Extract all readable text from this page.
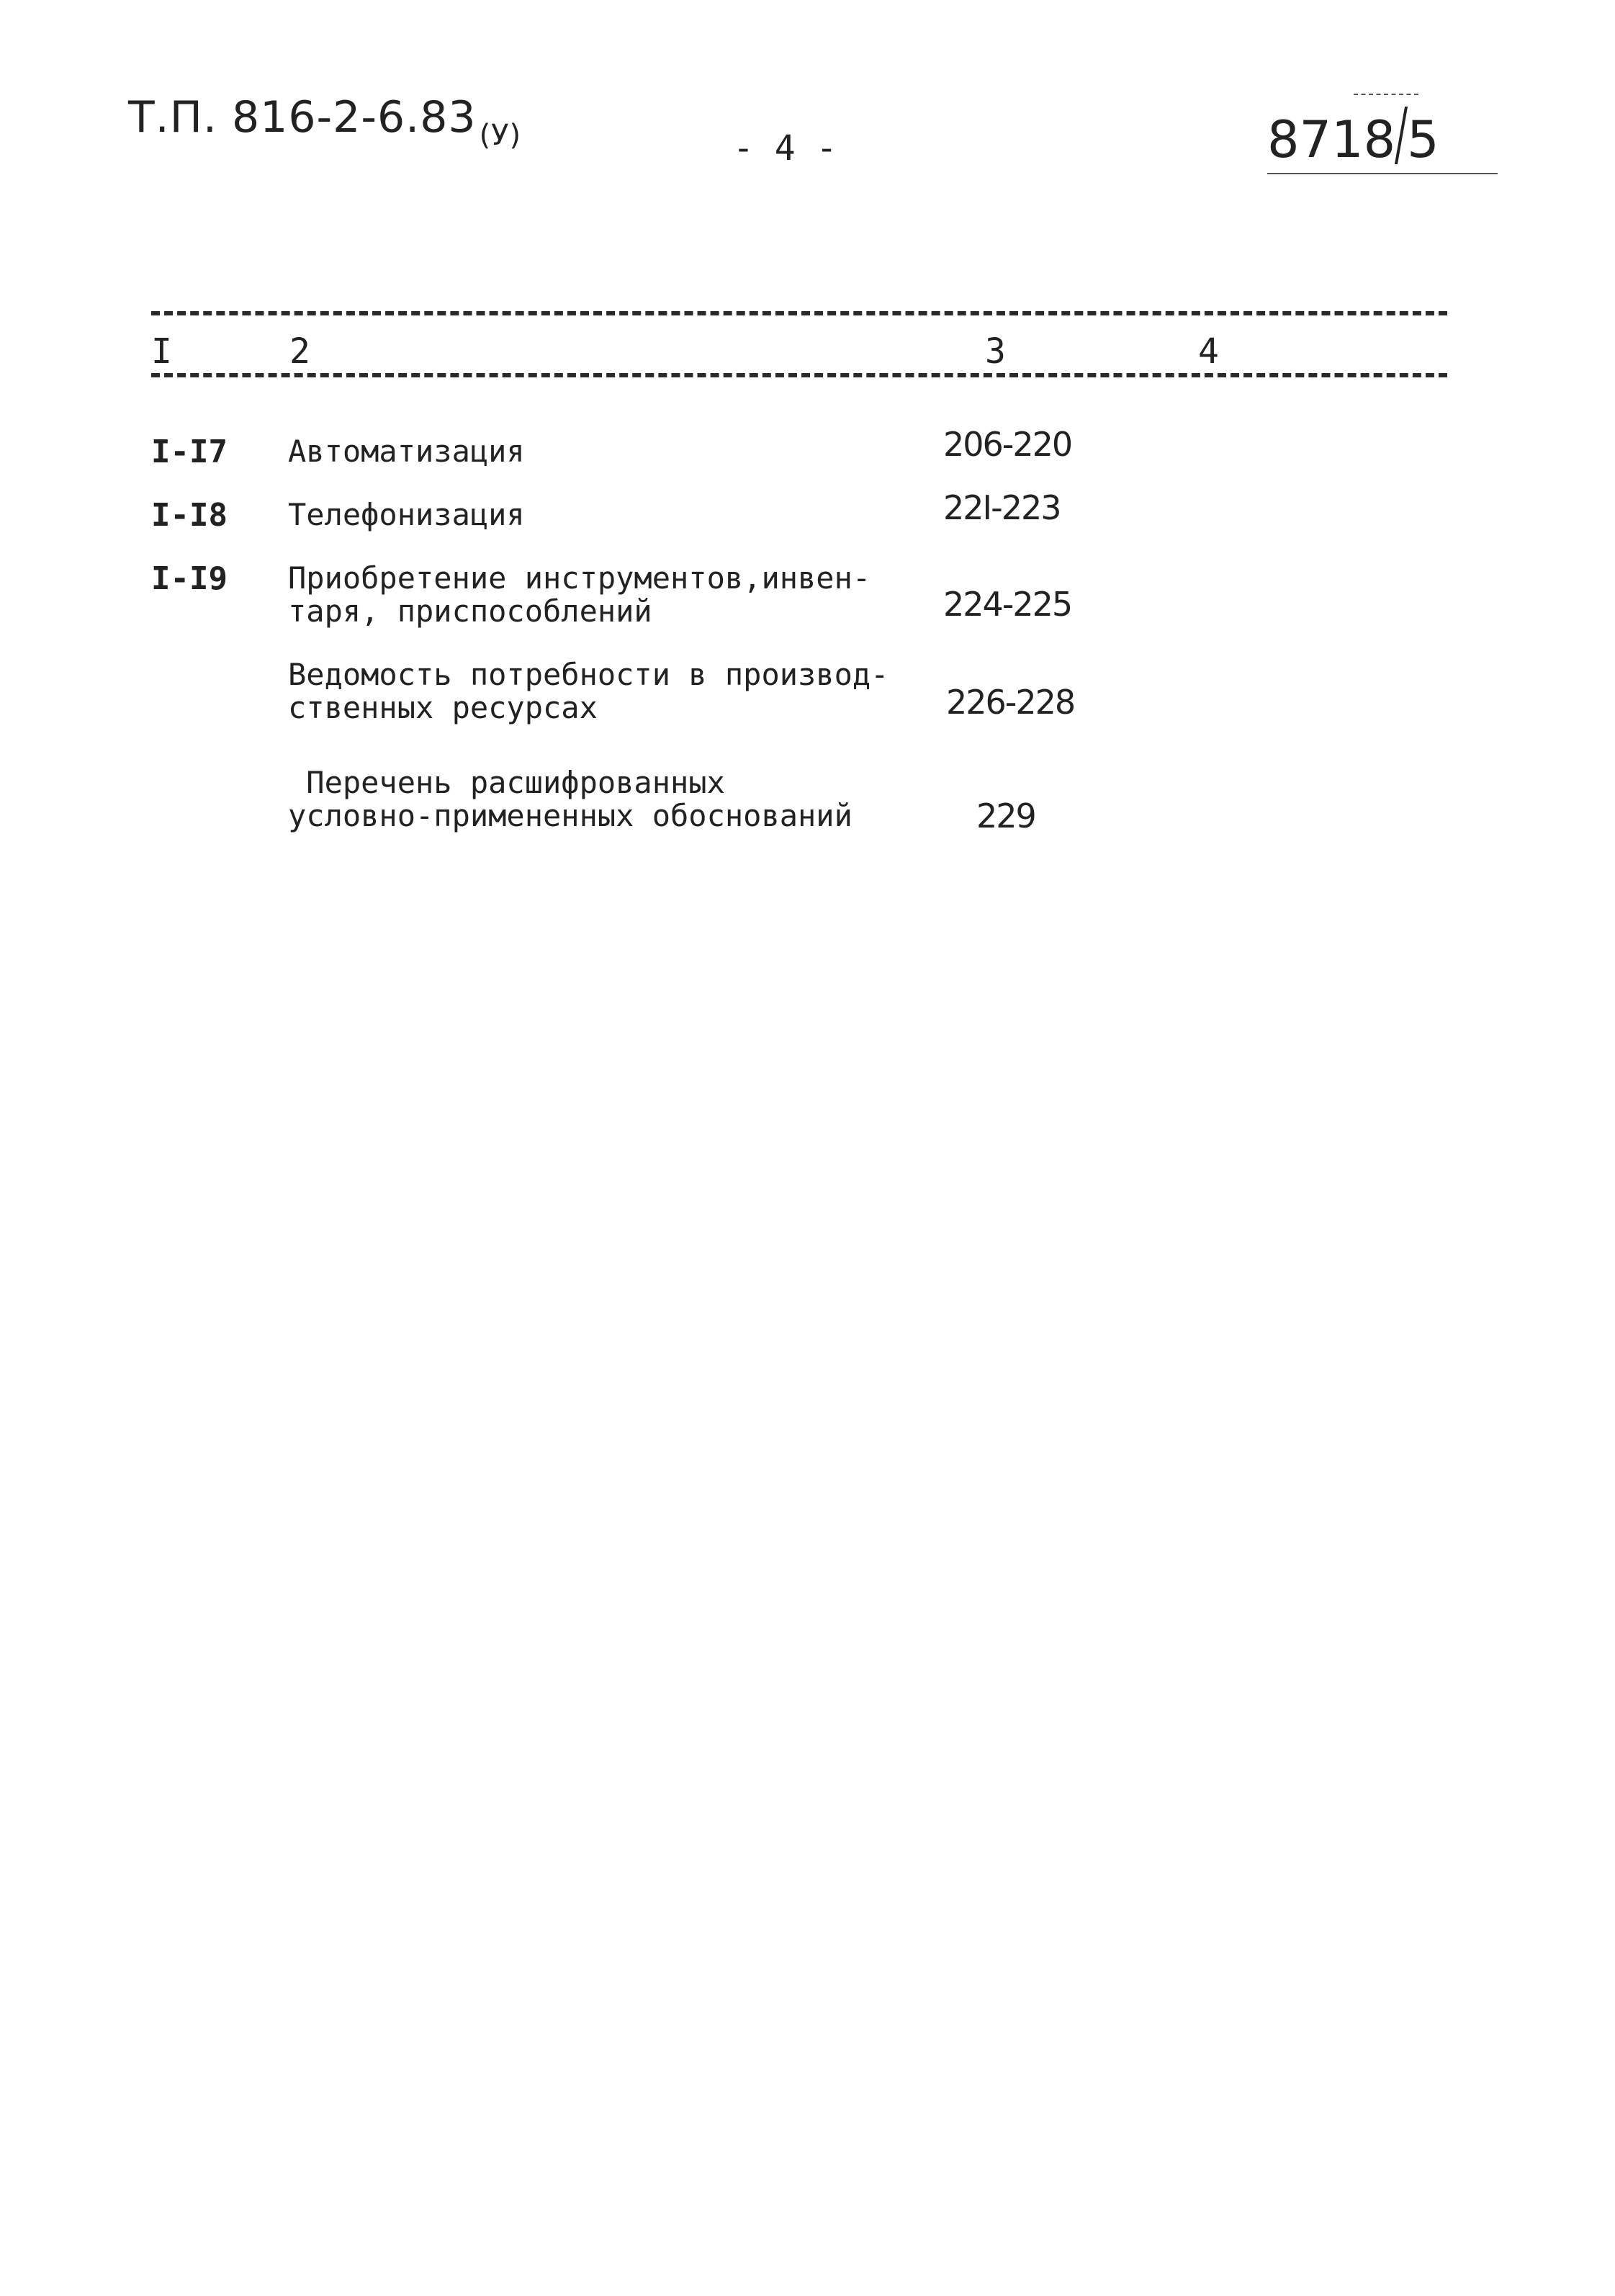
Т.П. 816-2-6.83 $_{(У)}$	- 4 -	8718 5
I	2	3	4
I-I7 Автоматизация	206-220
I-I8 Телефонизация	22I-223
I-I9 Приобретение инструментов,инвен-
таря, приспособлений	224-225
Ведомость потребности в производ-
ственных ресурсах	226-228
Перечень расшифрованных
условно-примененных обоснований	229
